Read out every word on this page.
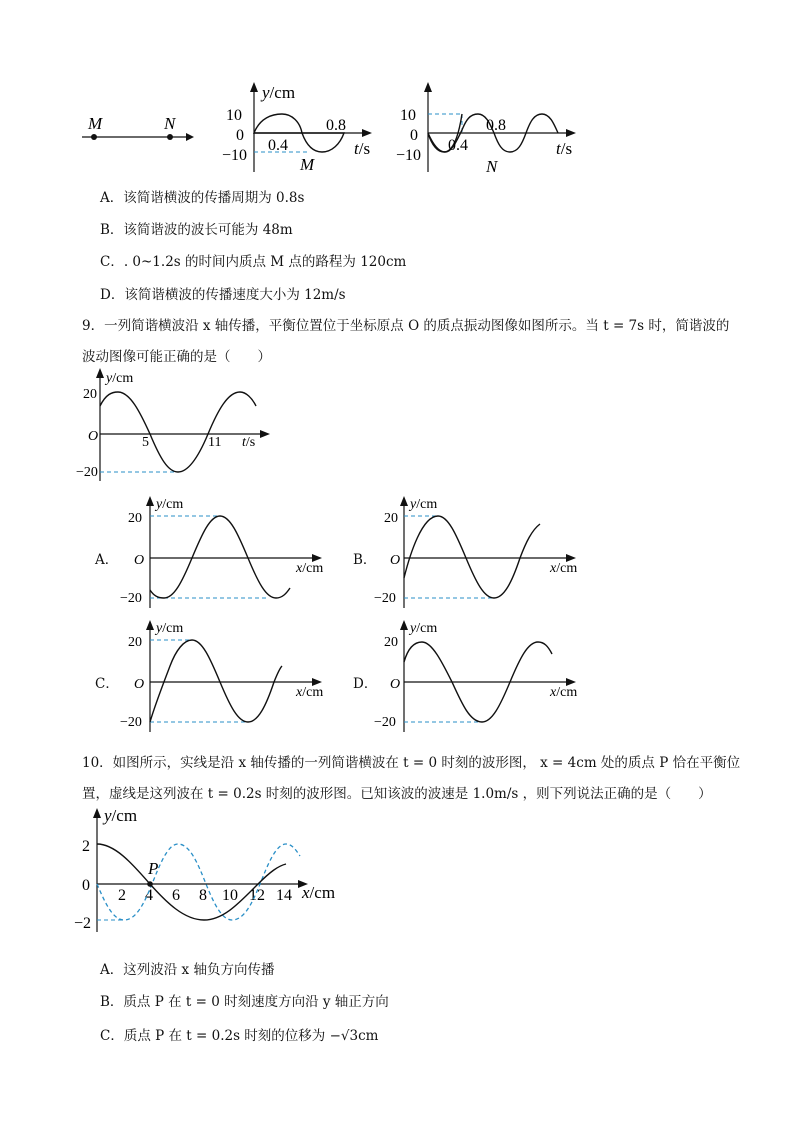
M	N
y/cm
10
0
−10
0.4
0.8
t/s
M
10
0
−10
0.4
0.8
t/s
N
A．该简谐横波的传播周期为 0.8s
B．该简谐波的波长可能为 48m
C．. 0~1.2s 的时间内质点 M 点的路程为 120cm
D．该简谐横波的传播速度大小为 12m/s
9．一列简谐横波沿 x 轴传播，平衡位置位于坐标原点 O 的质点振动图像如图所示。当 t = 7s 时，简谐波的
波动图像可能正确的是（　　）
y/cm
20
−20
O	5	11 t/s
A．	B．
C．	D．
y/cm
20
−20
O
x/cm
y/cm
20
−20
O
x/cm
y/cm
20
−20
O
x/cm
y/cm
20
−20
O
x/cm
10．如图所示，实线是沿 x 轴传播的一列简谐横波在 t = 0 时刻的波形图， x = 4cm 处的质点 P 恰在平衡位
置，虚线是这列波在 t = 0.2s 时刻的波形图。已知该波的波速是 1.0m/s ，则下列说法正确的是（　　）
y/cm
2
0
−2
2 4 6 8 10 12 14 x/cm
P
A．这列波沿 x 轴负方向传播
B．质点 P 在 t = 0 时刻速度方向沿 y 轴正方向
C．质点 P 在 t = 0.2s 时刻的位移为 −√3cm
